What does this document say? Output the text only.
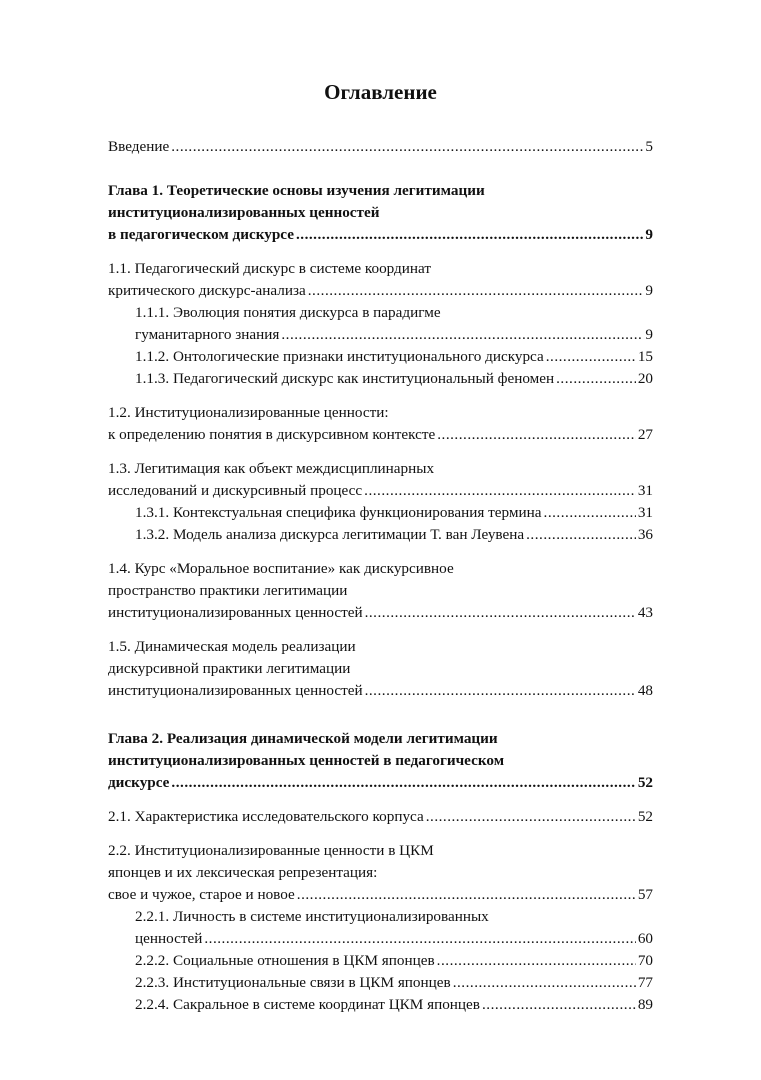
Оглавление
Введение .....	5
Глава 1. Теоретические основы изучения легитимации
институционализированных ценностей
в педагогическом дискурсе .....	9
1.1. Педагогический дискурс в системе координат
критического дискурс-анализа .....	9
1.1.1. Эволюция понятия дискурса в парадигме
гуманитарного знания .....	9
1.1.2. Онтологические признаки институционального дискурса .....	15
1.1.3. Педагогический дискурс как институциональный феномен .....	20
1.2. Институционализированные ценности:
к определению понятия в дискурсивном контексте .....	27
1.3. Легитимация как объект междисциплинарных
исследований и дискурсивный процесс .....	31
1.3.1. Контекстуальная специфика функционирования термина .....	31
1.3.2. Модель анализа дискурса легитимации Т. ван Леувена .....	36
1.4. Курс «Моральное воспитание» как дискурсивное
пространство практики легитимации
институционализированных ценностей .....	43
1.5. Динамическая модель реализации
дискурсивной практики легитимации
институционализированных ценностей .....	48
Глава 2. Реализация динамической модели легитимации
институционализированных ценностей в педагогическом
дискурсе .....	52
2.1. Характеристика исследовательского корпуса .....	52
2.2. Институционализированные ценности в ЦКМ
японцев и их лексическая репрезентация:
свое и чужое, старое и новое .....	57
2.2.1. Личность в системе институционализированных
ценностей .....	60
2.2.2. Социальные отношения в ЦКМ японцев .....	70
2.2.3. Институциональные связи в ЦКМ японцев .....	77
2.2.4. Сакральное в системе координат ЦКМ японцев .....	89
